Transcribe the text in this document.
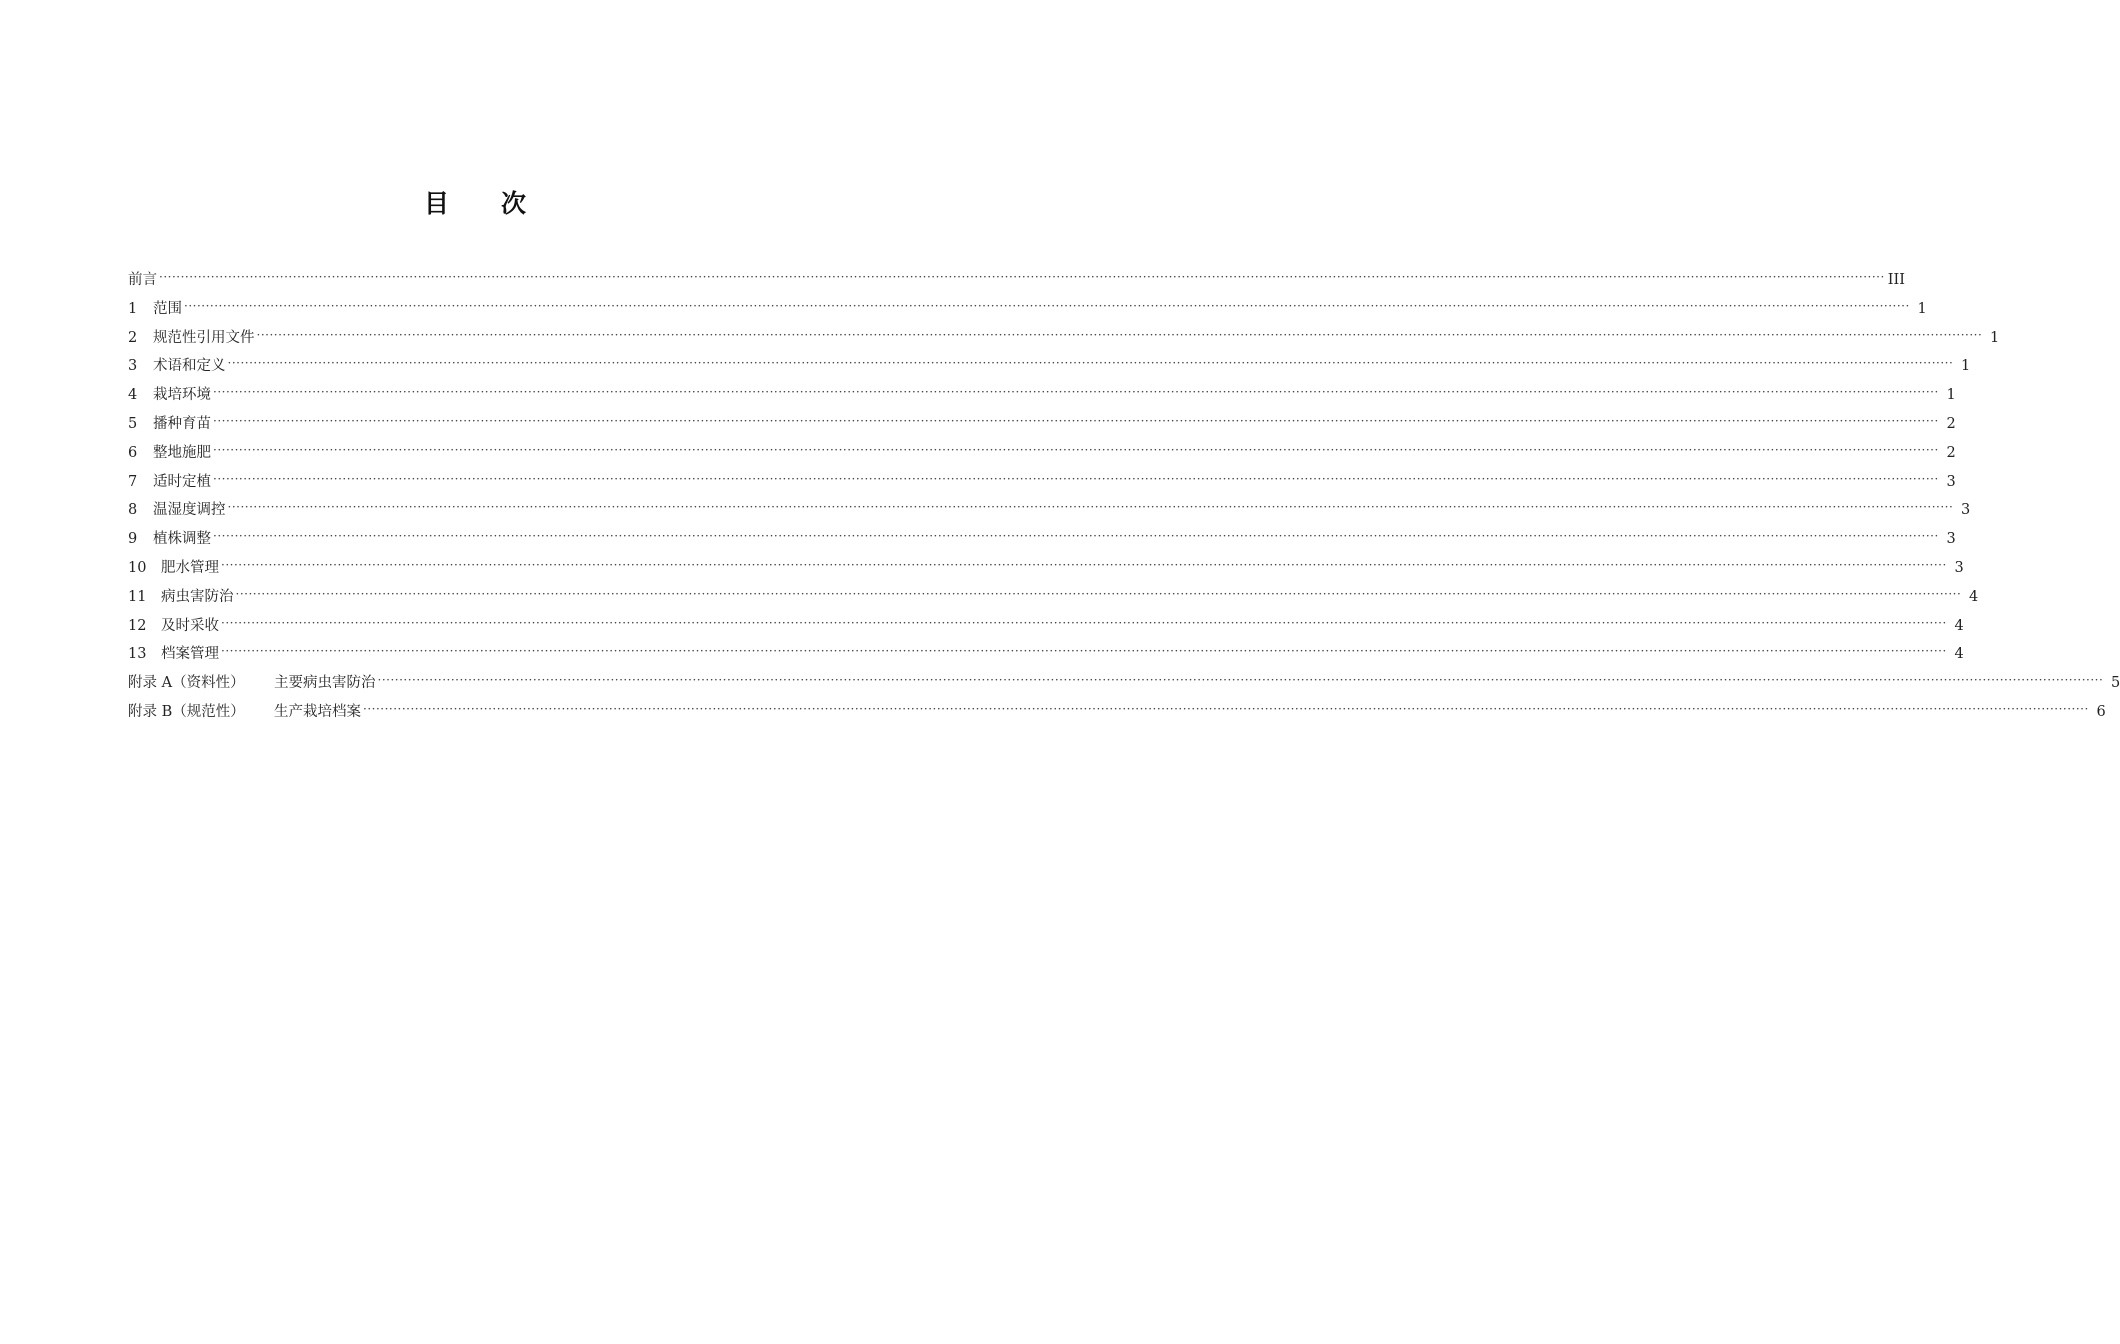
目 次
前言 ················································································································································································································································································································································································································ III
1	范围 ················································································································································································································································································································································································································ 1
2	规范性引用文件 ················································································································································································································································································································································································································ 1
3	术语和定义 ················································································································································································································································································································································································································ 1
4	栽培环境 ················································································································································································································································································································································································································ 1
5	播种育苗 ················································································································································································································································································································································································································ 2
6	整地施肥 ················································································································································································································································································································································································································ 2
7	适时定植 ················································································································································································································································································································································································································ 3
8	温湿度调控 ················································································································································································································································································································································································································ 3
9	植株调整 ················································································································································································································································································································································································································ 3
10	肥水管理 ················································································································································································································································································································································································································ 3
11	病虫害防治 ················································································································································································································································································································································································································ 4
12	及时采收 ················································································································································································································································································································································································································ 4
13	档案管理 ················································································································································································································································································································································································································ 4
附录 A（资料性）	主要病虫害防治 ················································································································································································································································································································································································································ 5
附录 B（规范性）	生产栽培档案 ················································································································································································································································································································································································································ 6
